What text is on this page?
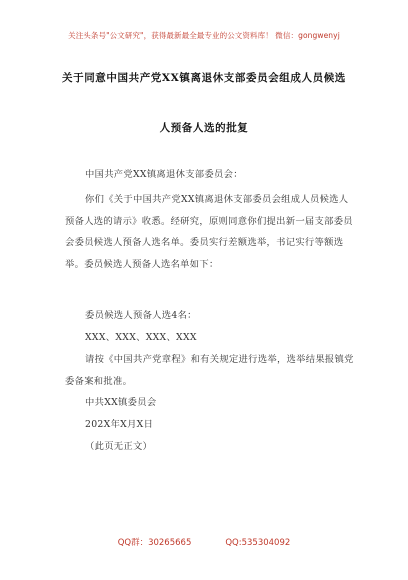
关注头条号"公文研究"，获得最新最全最专业的公文资料库！ 微信：gongwenyj
关于同意中国共产党XX镇离退休支部委员会组成人员候选
人预备人选的批复
中国共产党XX镇离退休支部委员会：
你们《关于中国共产党XX镇离退休支部委员会组成人员候选人预备人选的请示》收悉。经研究，原则同意你们提出新一届支部委员会委员候选人预备人选名单。委员实行差额选举，书记实行等额选举。委员候选人预备人选名单如下：
委员候选人预备人选4名：
XXX、XXX、XXX、XXX
请按《中国共产党章程》和有关规定进行选举，选举结果报镇党委备案和批准。
中共XX镇委员会
202X年X月X日
（此页无正文）
QQ群：30265665	QQ:535304092
